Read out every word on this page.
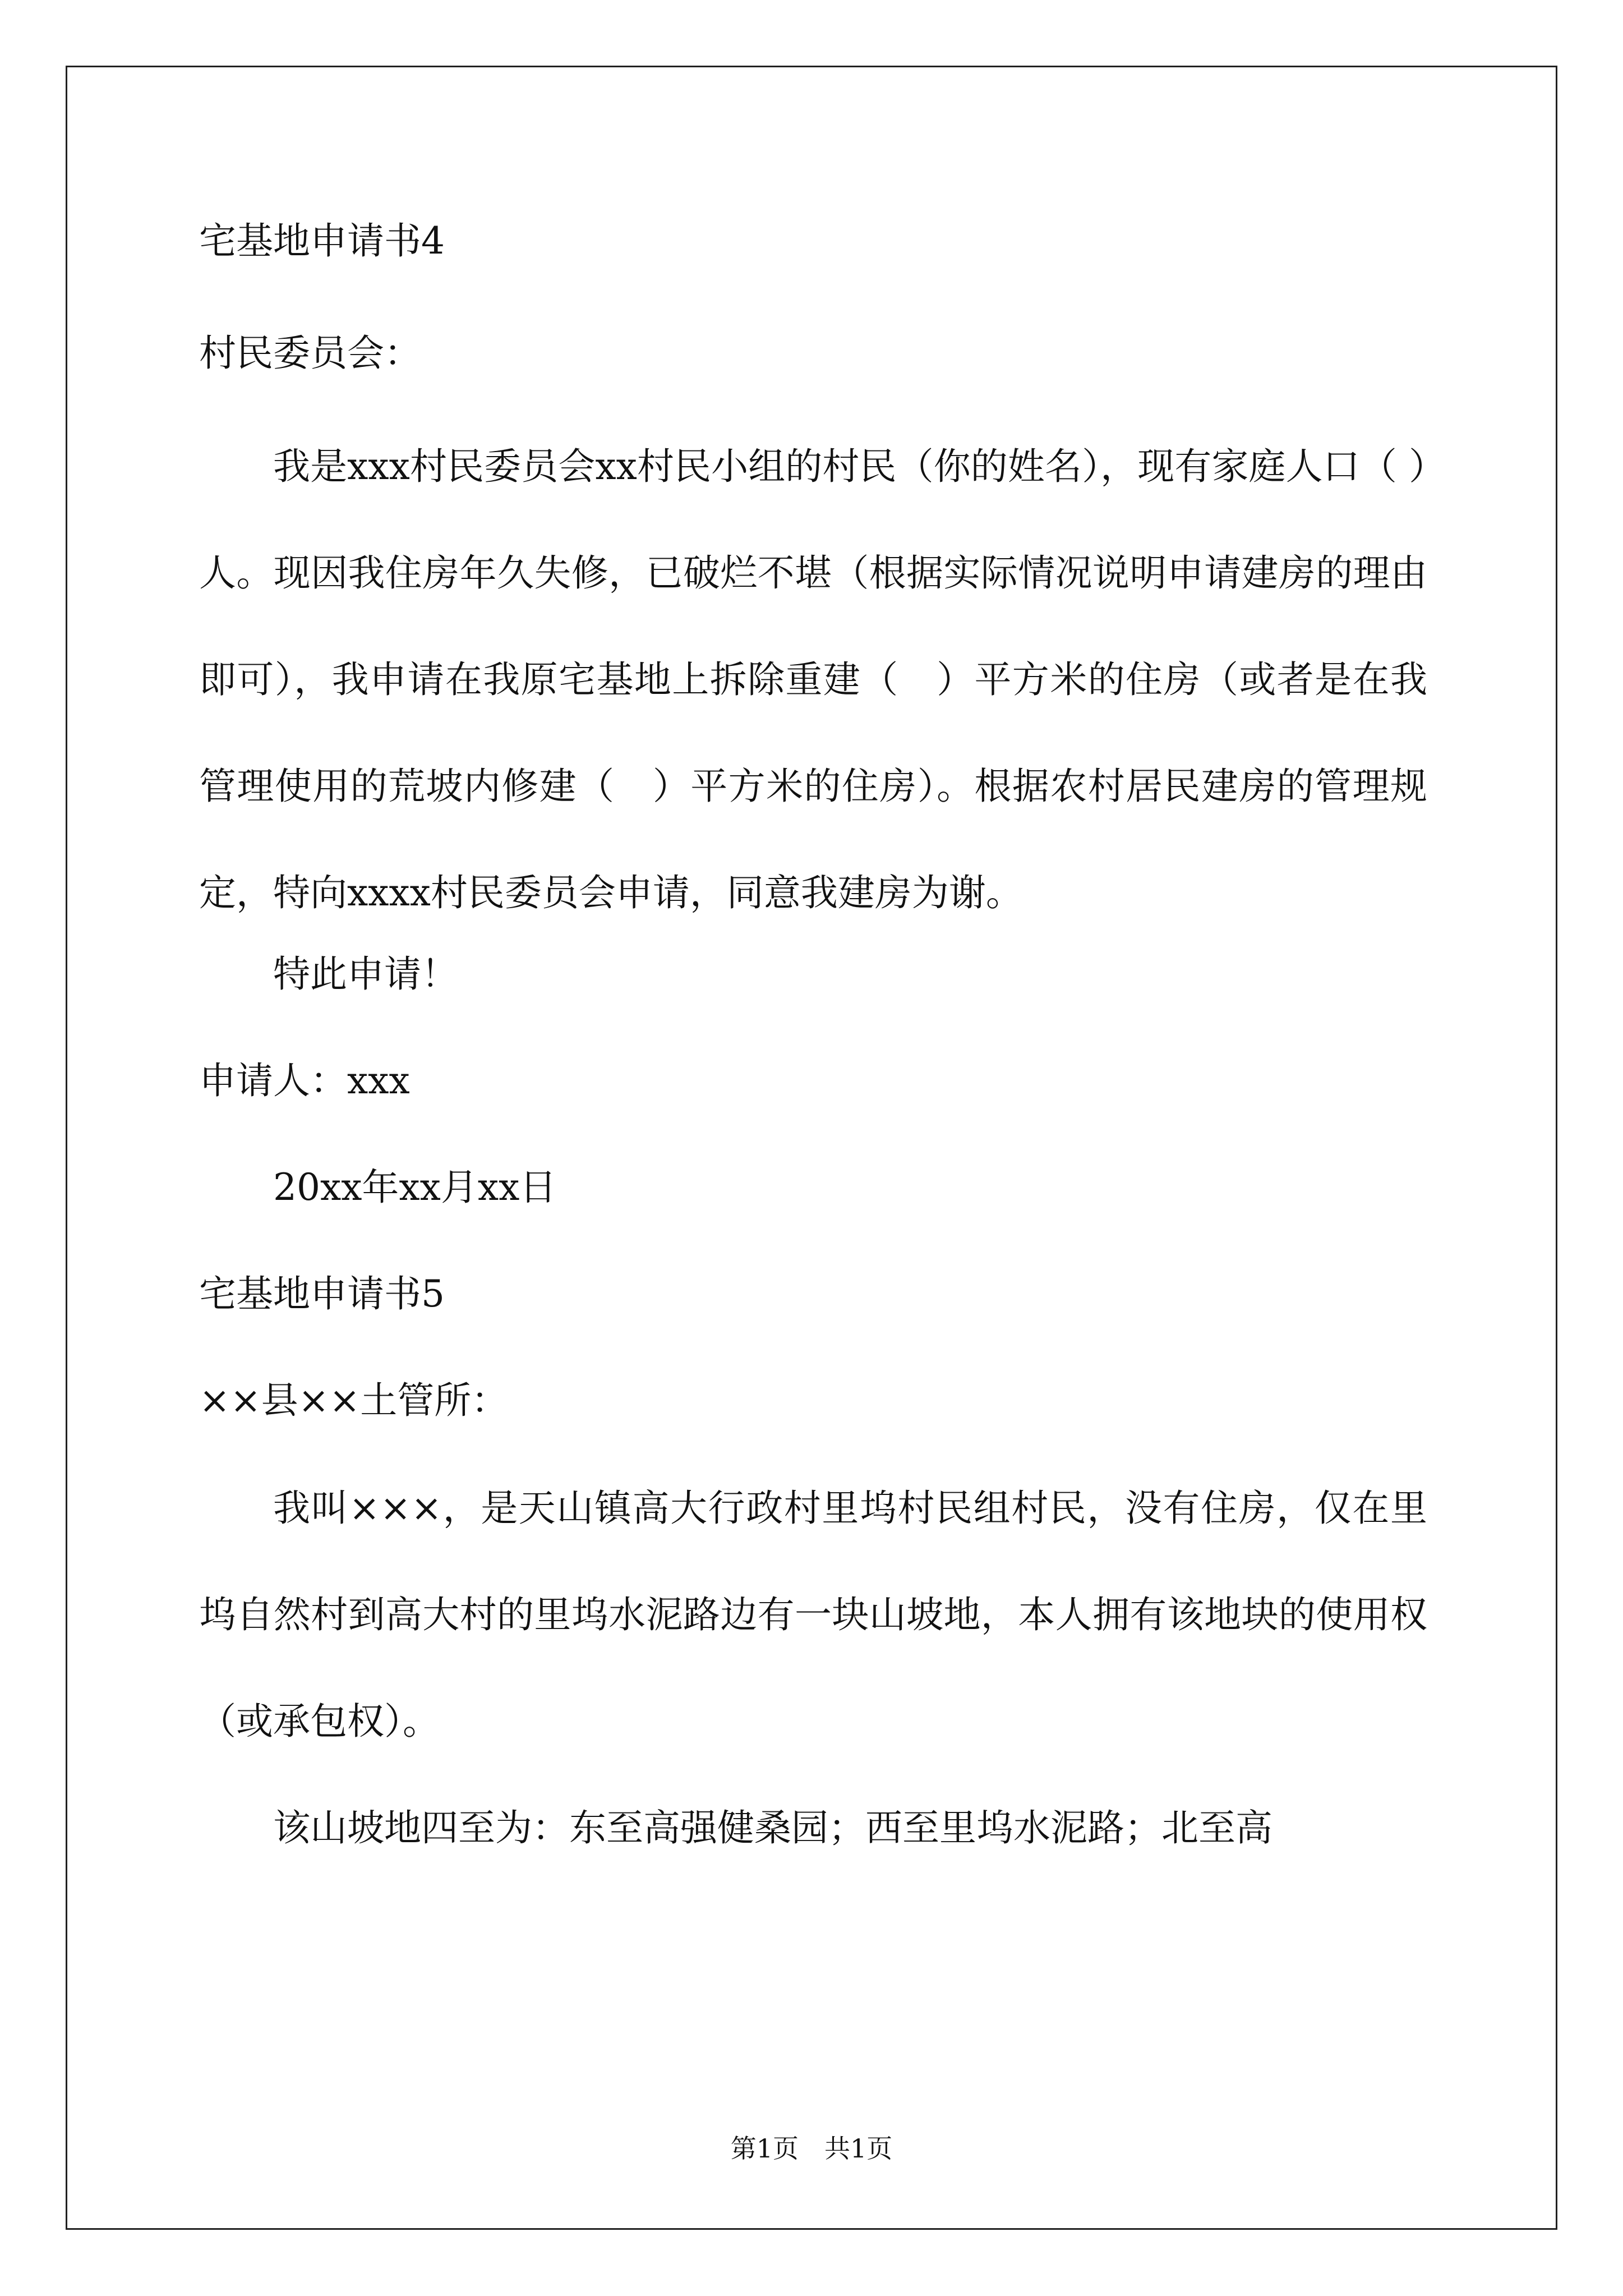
宅基地申请书4

村民委员会：

我是xxx村民委员会xx村民小组的村民（你的姓名），现有家庭人口（ ）人。现因我住房年久失修，已破烂不堪（根据实际情况说明申请建房的理由即可），我申请在我原宅基地上拆除重建（　）平方米的住房（或者是在我管理使用的荒坡内修建（　）平方米的住房）。根据农村居民建房的管理规定，特向xxxx村民委员会申请，同意我建房为谢。

特此申请！

申请人：xxx

20xx年xx月xx日

宅基地申请书5

××县××土管所：

我叫×××，是天山镇高大行政村里坞村民组村民，没有住房，仅在里坞自然村到高大村的里坞水泥路边有一块山坡地，本人拥有该地块的使用权（或承包权）。

该山坡地四至为：东至高强健桑园；西至里坞水泥路；北至高

第1页　共1页
